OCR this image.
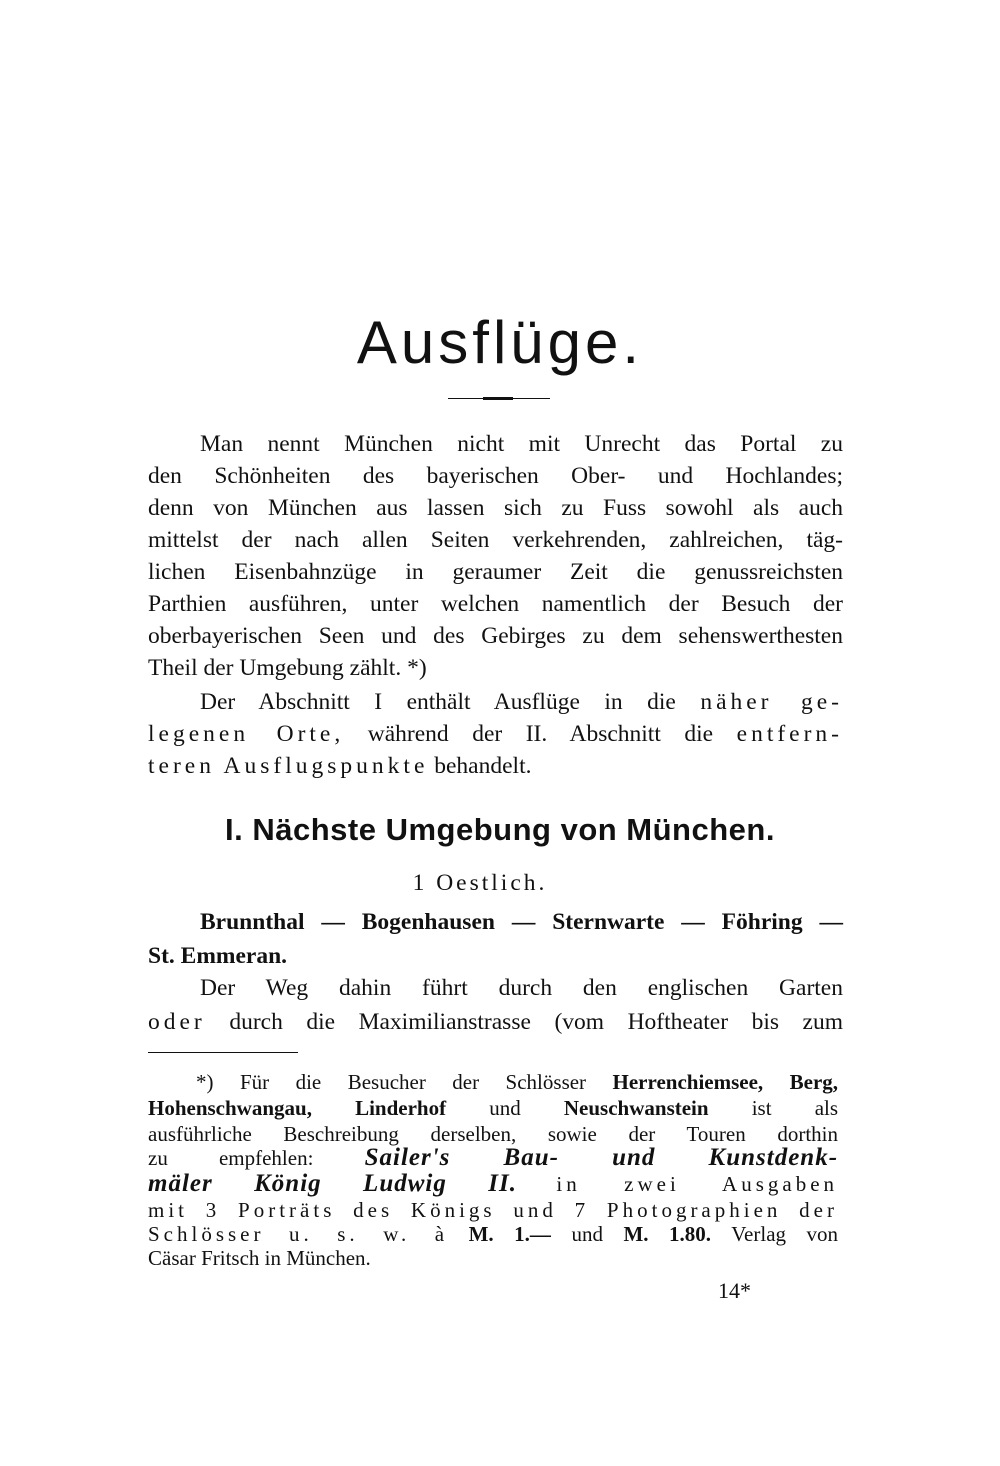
Ausflüge.
Man nennt München nicht mit Unrecht das Portal zu
den Schönheiten des bayerischen Ober- und Hochlandes;
denn von München aus lassen sich zu Fuss sowohl als auch
mittelst der nach allen Seiten verkehrenden, zahlreichen, täg-
lichen Eisenbahnzüge in geraumer Zeit die genussreichsten
Parthien ausführen, unter welchen namentlich der Besuch der
oberbayerischen Seen und des Gebirges zu dem sehenswerthesten
Theil der Umgebung zählt. *)
Der Abschnitt I enthält Ausflüge in die näher ge-
legenen Orte, während der II. Abschnitt die entfern-
teren Ausflugspunkte behandelt.
I. Nächste Umgebung von München.
1 Oestlich.
Brunnthal — Bogenhausen — Sternwarte — Föhring —
St. Emmeran.
Der Weg dahin führt durch den englischen Garten
oder durch die Maximilianstrasse (vom Hoftheater bis zum
*) Für die Besucher der Schlösser Herrenchiemsee, Berg,
Hohenschwangau, Linderhof und Neuschwanstein ist als
ausführliche Beschreibung derselben, sowie der Touren dorthin
zu empfehlen: Sailer's Bau- und Kunstdenk-
mäler König Ludwig II. in zwei Ausgaben
mit 3 Porträts des Königs und 7 Photographien der
Schlösser u. s. w. à M. 1.— und M. 1.80. Verlag von
Cäsar Fritsch in München.
14*
